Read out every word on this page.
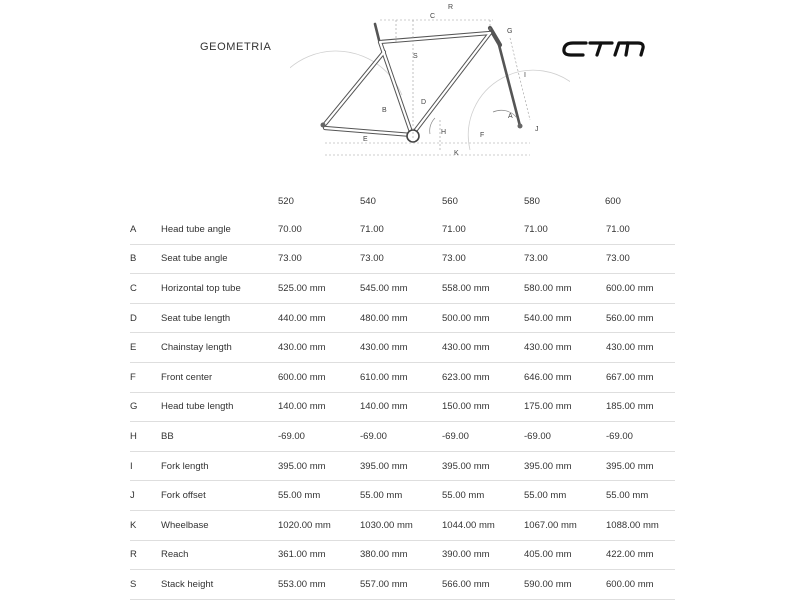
GEOMETRIA
R
C
G
S
I
B
D
A
J
E
H	F
K
520	540	560	580	600
A	Head tube angle	70.00	71.00	71.00	71.00	71.00
B	Seat tube angle	73.00	73.00	73.00	73.00	73.00
C	Horizontal top tube	525.00 mm	545.00 mm	558.00 mm	580.00 mm	600.00 mm
D	Seat tube length	440.00 mm	480.00 mm	500.00 mm	540.00 mm	560.00 mm
E	Chainstay length	430.00 mm	430.00 mm	430.00 mm	430.00 mm	430.00 mm
F	Front center	600.00 mm	610.00 mm	623.00 mm	646.00 mm	667.00 mm
G	Head tube length	140.00 mm	140.00 mm	150.00 mm	175.00 mm	185.00 mm
H	BB	-69.00	-69.00	-69.00	-69.00	-69.00
I	Fork length	395.00 mm	395.00 mm	395.00 mm	395.00 mm	395.00 mm
J	Fork offset	55.00 mm	55.00 mm	55.00 mm	55.00 mm	55.00 mm
K	Wheelbase	1020.00 mm	1030.00 mm	1044.00 mm	1067.00 mm	1088.00 mm
R	Reach	361.00 mm	380.00 mm	390.00 mm	405.00 mm	422.00 mm
S	Stack height	553.00 mm	557.00 mm	566.00 mm	590.00 mm	600.00 mm
